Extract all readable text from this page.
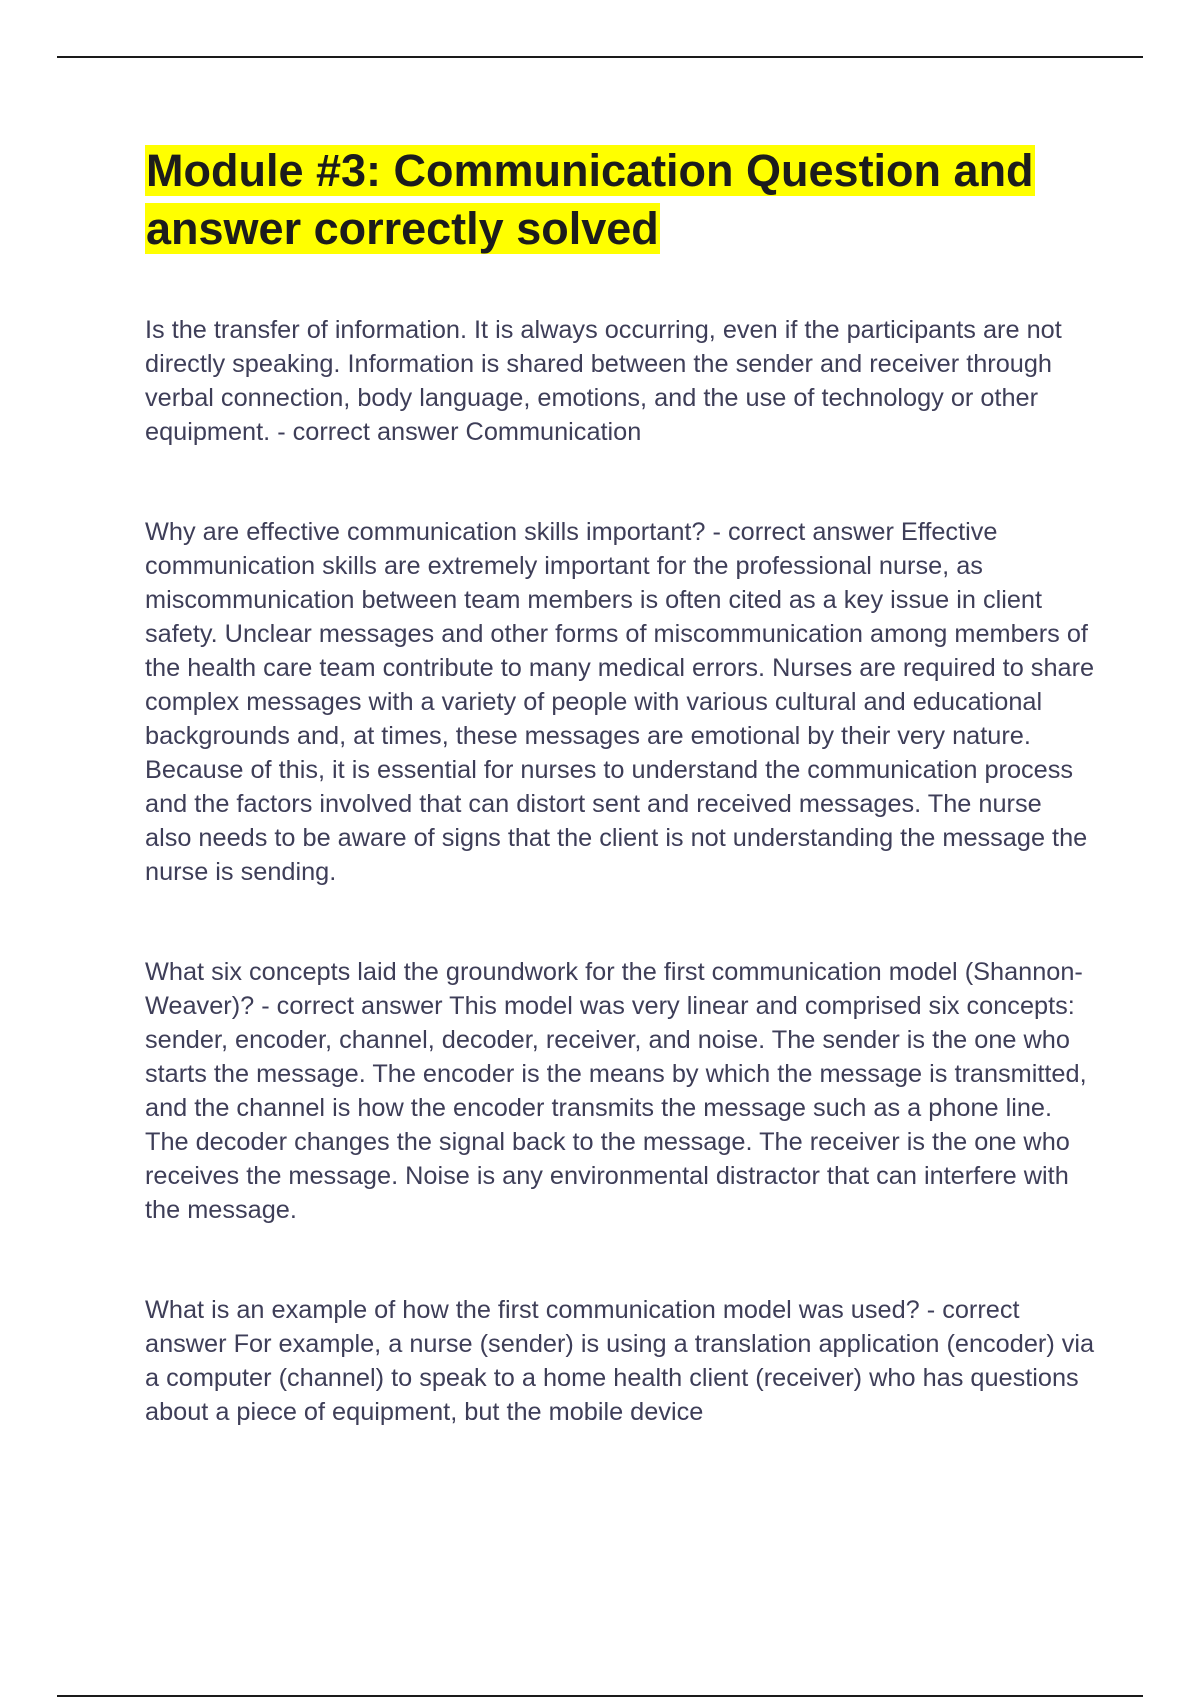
Module #3: Communication Question and answer correctly solved

Is the transfer of information. It is always occurring, even if the participants are not directly speaking. Information is shared between the sender and receiver through verbal connection, body language, emotions, and the use of technology or other equipment. - correct answer Communication

Why are effective communication skills important? - correct answer Effective communication skills are extremely important for the professional nurse, as miscommunication between team members is often cited as a key issue in client safety. Unclear messages and other forms of miscommunication among members of the health care team contribute to many medical errors. Nurses are required to share complex messages with a variety of people with various cultural and educational backgrounds and, at times, these messages are emotional by their very nature. Because of this, it is essential for nurses to understand the communication process and the factors involved that can distort sent and received messages. The nurse also needs to be aware of signs that the client is not understanding the message the nurse is sending.

What six concepts laid the groundwork for the first communication model (Shannon-Weaver)? - correct answer This model was very linear and comprised six concepts: sender, encoder, channel, decoder, receiver, and noise. The sender is the one who starts the message. The encoder is the means by which the message is transmitted, and the channel is how the encoder transmits the message such as a phone line. The decoder changes the signal back to the message. The receiver is the one who receives the message. Noise is any environmental distractor that can interfere with the message.

What is an example of how the first communication model was used? - correct answer For example, a nurse (sender) is using a translation application (encoder) via a computer (channel) to speak to a home health client (receiver) who has questions about a piece of equipment, but the mobile device
